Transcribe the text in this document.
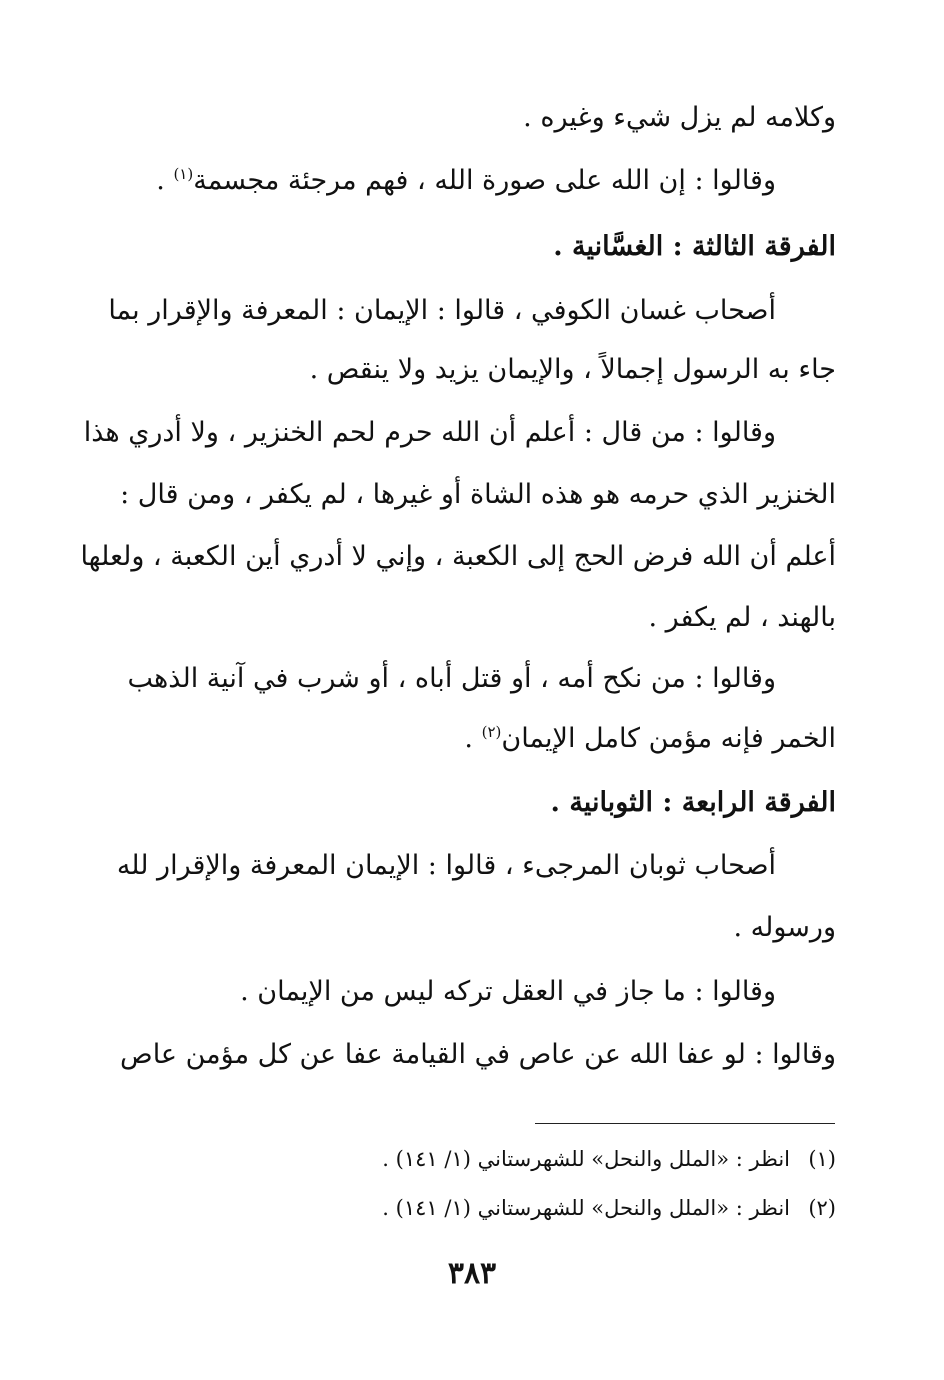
وكلامه لم يزل شيء وغيره .
وقالوا : إن الله على صورة الله ، فهم مرجئة مجسمة$^{(١)}$ .
الفرقة الثالثة : الغسَّانية .
أصحاب غسان الكوفي ، قالوا : الإيمان : المعرفة والإقرار بما
جاء به الرسول إجمالاً ، والإيمان يزيد ولا ينقص .
وقالوا : من قال : أعلم أن الله حرم لحم الخنزير ، ولا أدري هذا
الخنزير الذي حرمه هو هذه الشاة أو غيرها ، لم يكفر ، ومن قال :
أعلم أن الله فرض الحج إلى الكعبة ، وإني لا أدري أين الكعبة ، ولعلها
بالهند ، لم يكفر .
وقالوا : من نكح أمه ، أو قتل أباه ، أو شرب في آنية الذهب
الخمر فإنه مؤمن كامل الإيمان$^{(٢)}$ .
الفرقة الرابعة : الثوبانية .
أصحاب ثوبان المرجىء ، قالوا : الإيمان المعرفة والإقرار لله
ورسوله .
وقالوا : ما جاز في العقل تركه ليس من الإيمان .
وقالوا : لو عفا الله عن عاص في القيامة عفا عن كل مؤمن عاص
(١)انظر : «الملل والنحل» للشهرستاني (١/ ١٤١) .
(٢)انظر : «الملل والنحل» للشهرستاني (١/ ١٤١) .
٣٨٣
